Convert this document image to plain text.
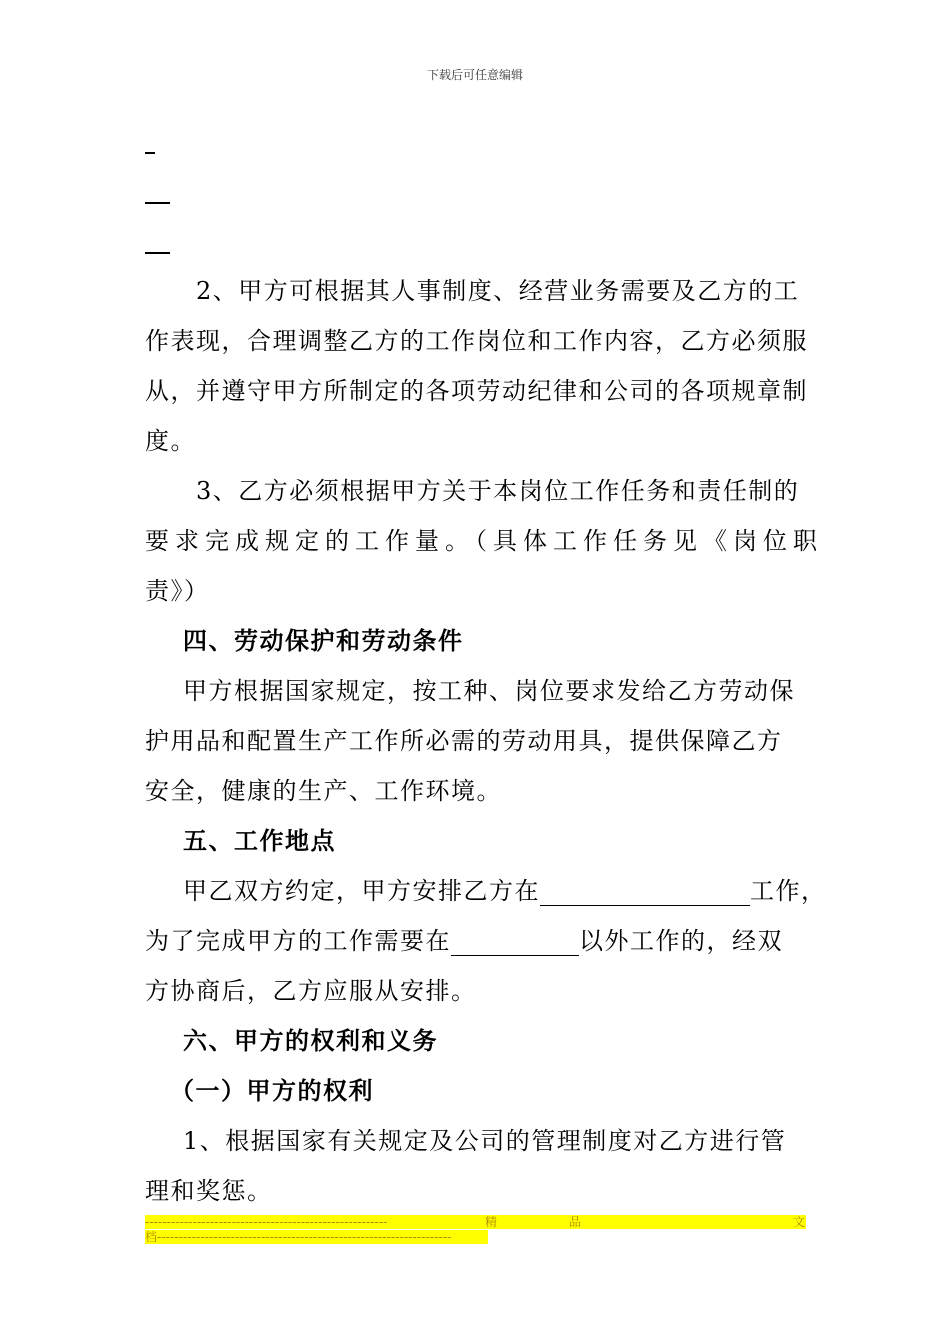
下载后可任意编辑
2、甲方可根据其人事制度、经营业务需要及乙方的工
作表现，合理调整乙方的工作岗位和工作内容，乙方必须服
从，并遵守甲方所制定的各项劳动纪律和公司的各项规章制
度。
3、乙方必须根据甲方关于本岗位工作任务和责任制的
要求完成规定的工作量。（具体工作任务见《岗位职
责》）
四、劳动保护和劳动条件
甲方根据国家规定，按工种、岗位要求发给乙方劳动保
护用品和配置生产工作所必需的劳动用具，提供保障乙方
安全，健康的生产、工作环境。
五、工作地点
甲乙双方约定，甲方安排乙方在	工作，
为了完成甲方的工作需要在	以外工作的，经双
方协商后，乙方应服从安排。
六、甲方的权利和义务
（一）甲方的权利
1、根据国家有关规定及公司的管理制度对乙方进行管
理和奖惩。
--------------------------------------------------------	精	品	文
档--------------------------------------------------------------------
